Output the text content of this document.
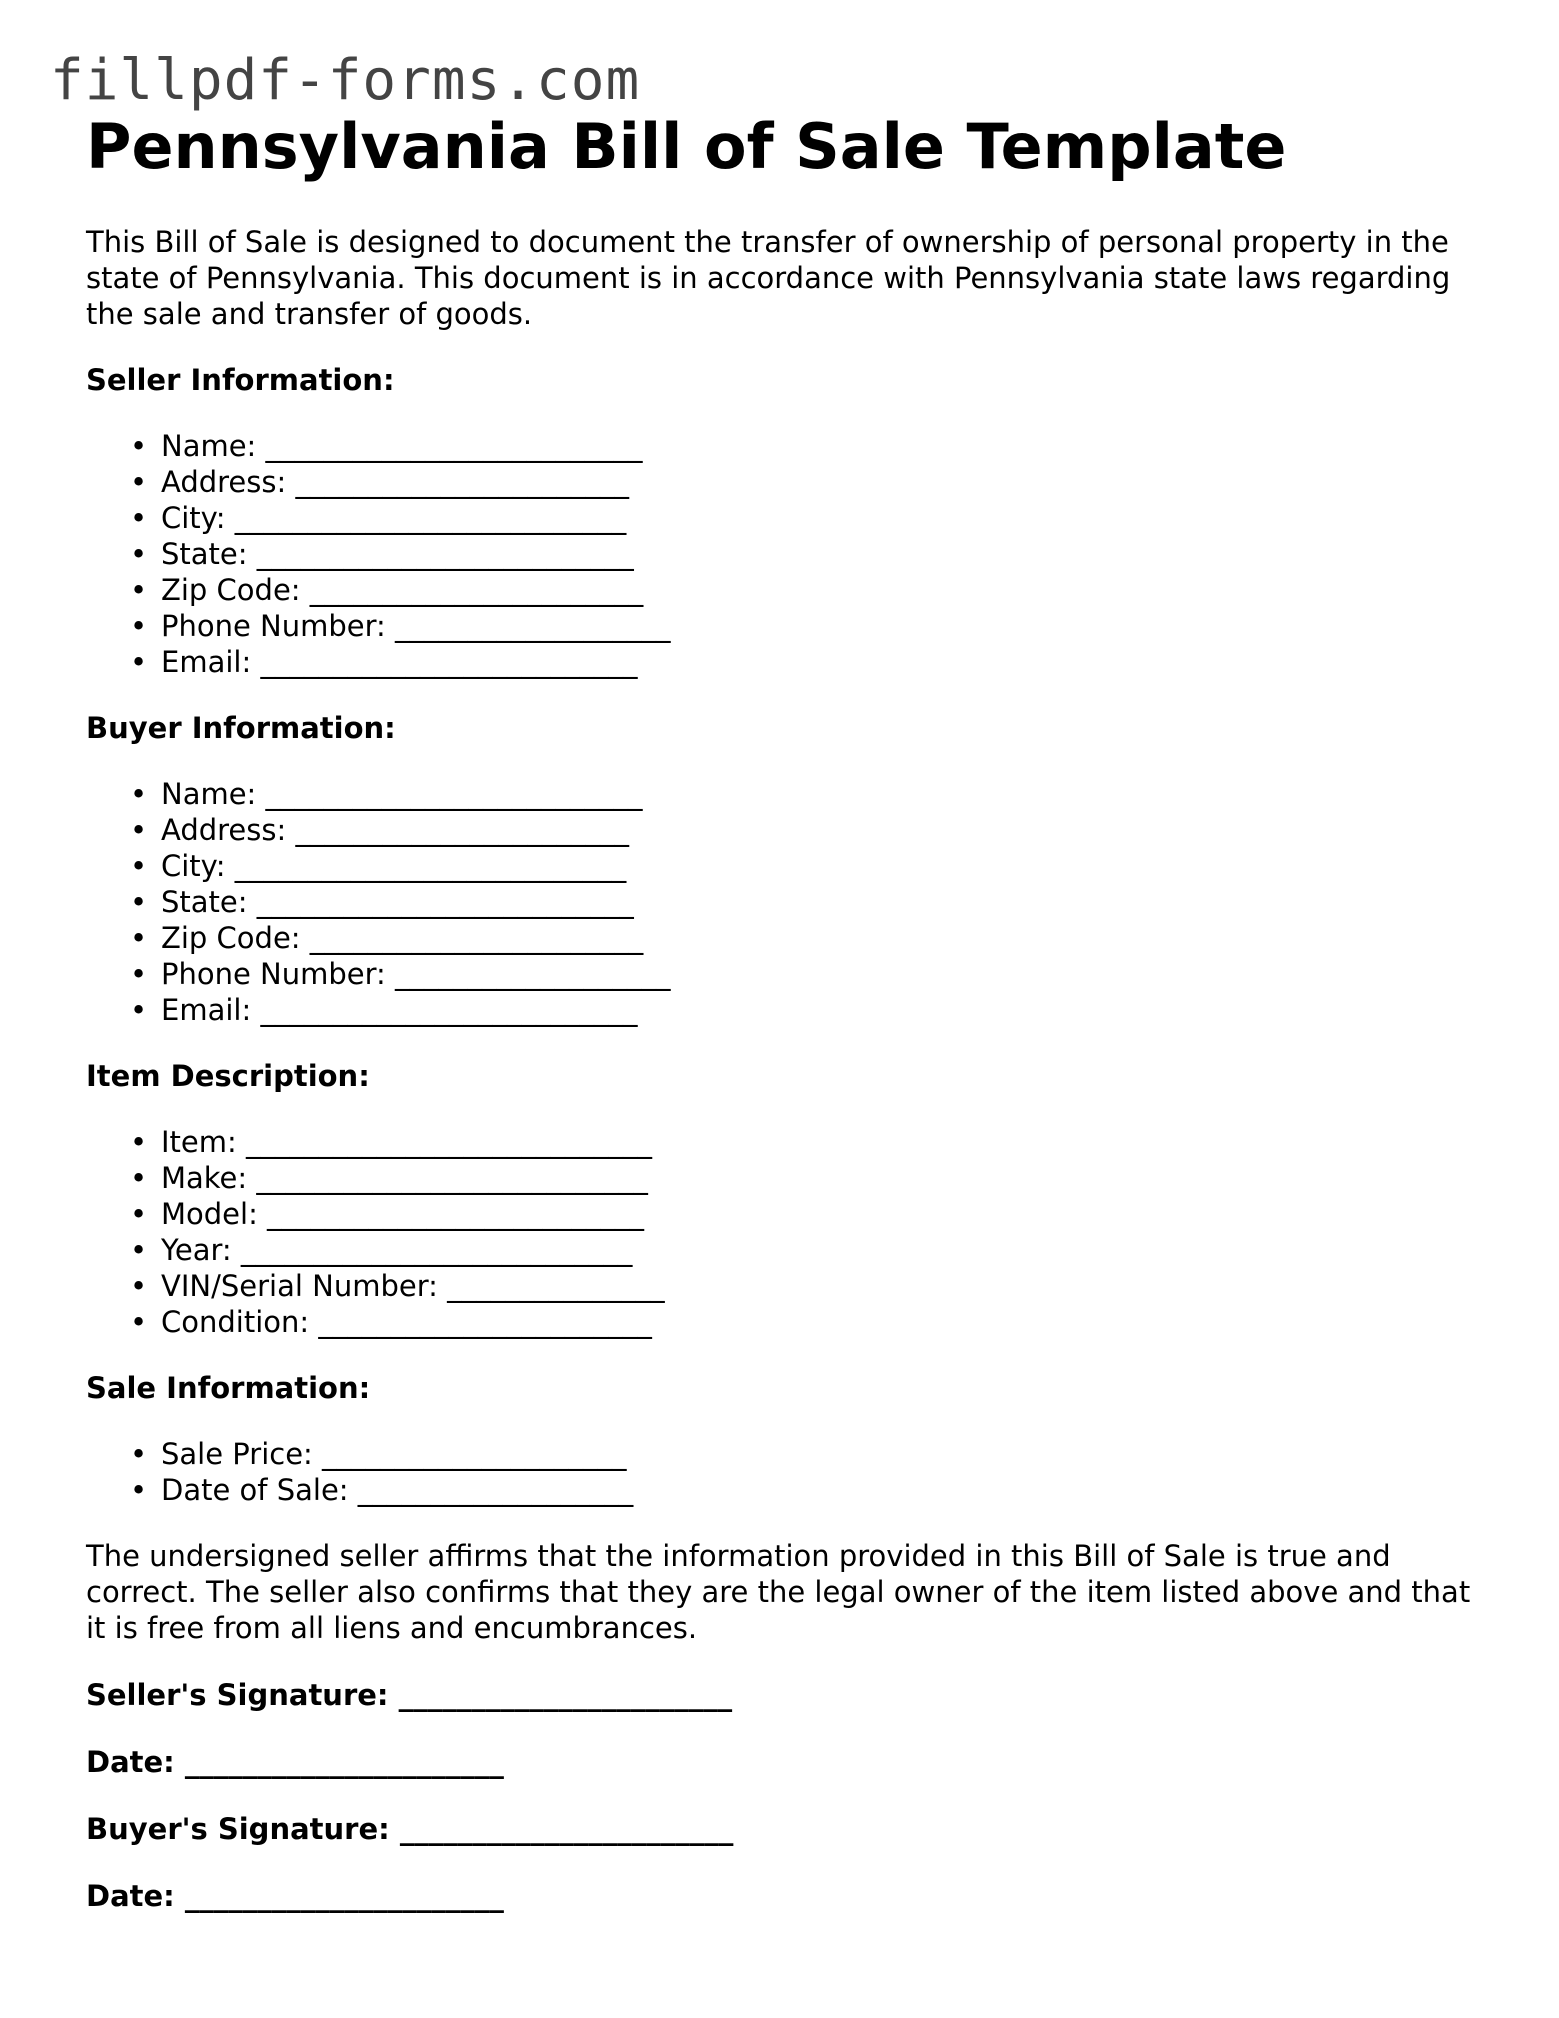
fillpdf-forms.com
Pennsylvania Bill of Sale Template

This Bill of Sale is designed to document the transfer of ownership of personal property in the state of Pennsylvania. This document is in accordance with Pennsylvania state laws regarding the sale and transfer of goods.

Seller Information:
• Name: __________________________
• Address: _______________________
• City: ___________________________
• State: __________________________
• Zip Code: _______________________
• Phone Number: ___________________
• Email: __________________________
Buyer Information:
• Name: __________________________
• Address: _______________________
• City: ___________________________
• State: __________________________
• Zip Code: _______________________
• Phone Number: ___________________
• Email: __________________________
Item Description:
• Item: ____________________________
• Make: ___________________________
• Model: __________________________
• Year: ___________________________
• VIN/Serial Number: _______________
• Condition: _______________________
Sale Information:
• Sale Price: _____________________
• Date of Sale: ___________________

The undersigned seller affirms that the information provided in this Bill of Sale is true and correct. The seller also confirms that they are the legal owner of the item listed above and that it is free from all liens and encumbrances.

Seller's Signature: _______________________
Date: ______________________
Buyer's Signature: _______________________
Date: ______________________
